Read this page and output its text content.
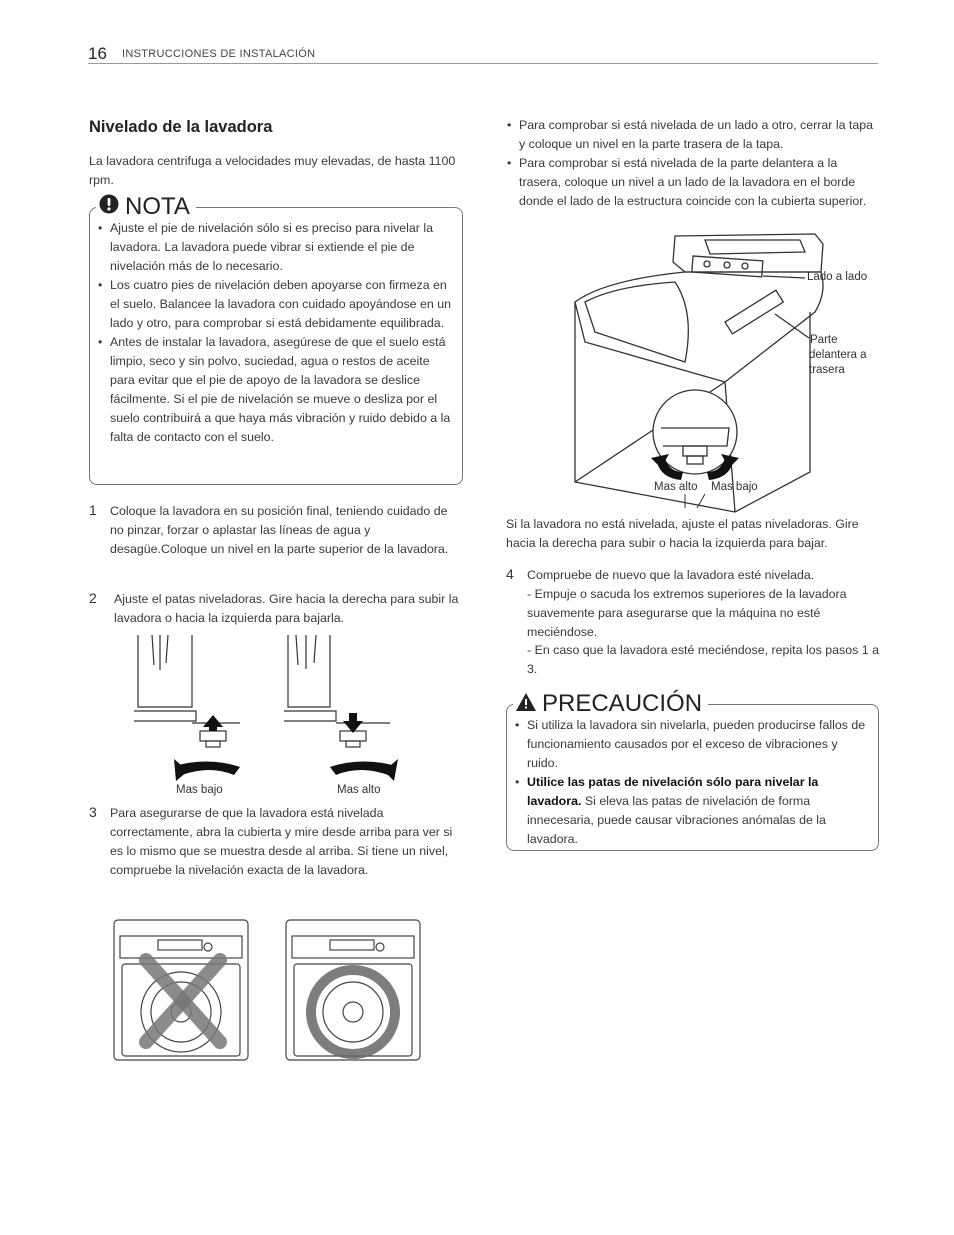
16 INSTRUCCIONES DE INSTALACIÓN
Nivelado de la lavadora
La lavadora centrifuga a velocidades muy elevadas, de hasta 1100 rpm.
NOTA
• Ajuste el pie de nivelación sólo si es preciso para nivelar la lavadora. La lavadora puede vibrar si extiende el pie de nivelación más de lo necesario.
• Los cuatro pies de nivelación deben apoyarse con firmeza en el suelo. Balancee la lavadora con cuidado apoyándose en un lado y otro, para comprobar si está debidamente equilibrada.
• Antes de instalar la lavadora, asegúrese de que el suelo está limpio, seco y sin polvo, suciedad, agua o restos de aceite para evitar que el pie de apoyo de la lavadora se deslice fácilmente. Si el pie de nivelación se mueve o desliza por el suelo contribuirá a que haya más vibración y ruido debido a la falta de contacto con el suelo.
1 Coloque la lavadora en su posición final, teniendo cuidado de no pinzar, forzar o aplastar las líneas de agua y desagüe.Coloque un nivel en la parte superior de la lavadora.
2 Ajuste el patas niveladoras. Gire hacia la derecha para subir la lavadora o hacia la izquierda para bajarla.
Mas bajo	Mas alto
3 Para asegurarse de que la lavadora está nivelada correctamente, abra la cubierta y mire desde arriba para ver si es lo mismo que se muestra desde al arriba. Si tiene un nivel, compruebe la nivelación exacta de la lavadora.
• Para comprobar si está nivelada de un lado a otro, cerrar la tapa y coloque un nivel en la parte trasera de la tapa.
• Para comprobar si está nivelada de la parte delantera a la trasera, coloque un nivel a un lado de la lavadora en el borde donde el lado de la estructura coincide con la cubierta superior.
Lado a lado
Parte
delantera a
trasera
Mas alto Mas bajo
Si la lavadora no está nivelada, ajuste el patas niveladoras. Gire hacia la derecha para subir o hacia la izquierda para bajar.
4 Compruebe de nuevo que la lavadora esté nivelada.
- Empuje o sacuda los extremos superiores de la lavadora suavemente para asegurarse que la máquina no esté meciéndose.
- En caso que la lavadora esté meciéndose, repita los pasos 1 a 3.
PRECAUCIÓN
• Si utiliza la lavadora sin nivelarla, pueden producirse fallos de funcionamiento causados por el exceso de vibraciones y ruido.
• Utilice las patas de nivelación sólo para nivelar la lavadora. Si eleva las patas de nivelación de forma innecesaria, puede causar vibraciones anómalas de la lavadora.
